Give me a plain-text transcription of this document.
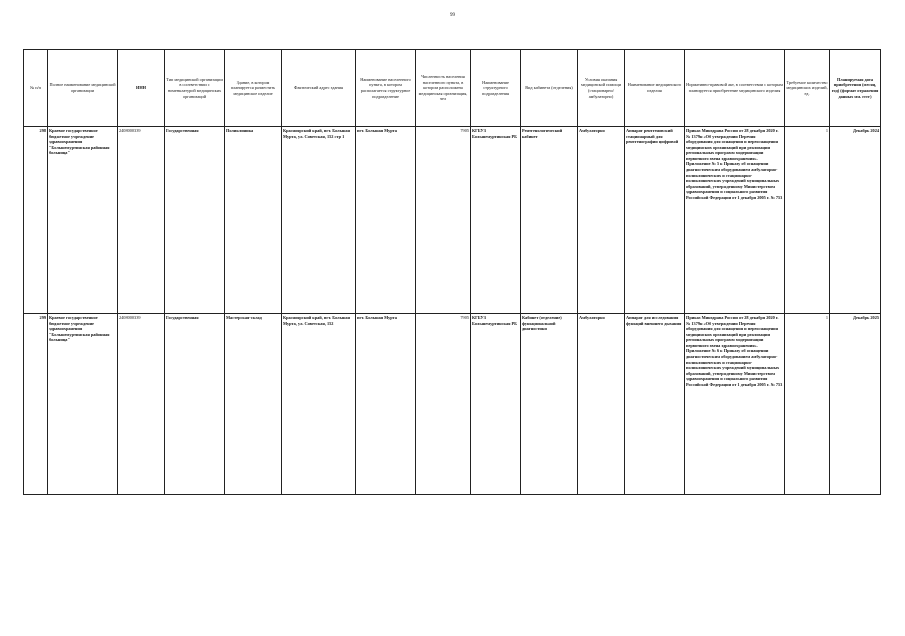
99
№ п/п	Полное наименование медицинской организации	ИНН	Тип медицинской организации в соответствии с номенклатурой медицинских организаций	Здание, в котором планируется разместить медицинское изделие	Фактический адрес здания	Наименование населенного пункта, в котором располагается структурное подразделение	Численность населения населенного пункта, в котором расположена медицинская организация, чел	Наименование структурного подразделения	Вид кабинета (отделения)	Условия оказания медицинской помощи (стационарно/ амбулаторно)	Наименование медицинского изделия	Нормативно-правовой акт, в соответствии с которым планируется приобретение медицинского изделия	Требуемое количество медицинских изделий, ед.	Планируемая дата приобретения (месяц, год) (формат отражения данных мм. гггг)
298	Краевое государственное бюджетное учреждение здравоохранения "Большемуртинская районная больница"	2408000339	Государственная	Поликлиника	Красноярский край, пгт. Большая Мурта, ул. Советская, 152 стр 1	пгт. Большая Мурта	7905	КГБУЗ Большемуртинская РБ	Рентгенологический кабинет	Амбулаторно	Аппарат рентгеновский стационарный для рентгенографии цифровой	Приказ Минздрава России от 28 декабря 2020 г. № 1379н «Об утверждении Перечня оборудования для оснащения и переоснащения медицинских организаций при реализации региональных программ модернизации первичного звена здравоохранения». Приложение № 5 к Приказу об оснащении диагностическим оборудованием амбулаторно-поликлинических и стационарно-поликлинических учреждений муниципальных образований, утвержденному Министерством здравоохранения и социального развития Российской Федерации от 1 декабря 2005 г. № 753	1	Декабрь 2024
299	Краевое государственное бюджетное учреждение здравоохранения "Большемуртинская районная больница"	2408000339	Государственная	Мастерская-склад	Красноярский край, пгт. Большая Мурта, ул. Советская, 152	пгт. Большая Мурта	7905	КГБУЗ Большемуртинская РБ	Кабинет (отделение) функциональной диагностики	Амбулаторно	Аппарат для исследования функций внешнего дыхания	Приказ Минздрава России от 28 декабря 2020 г. № 1379н «Об утверждении Перечня оборудования для оснащения и переоснащения медицинских организаций при реализации региональных программ модернизации первичного звена здравоохранения». Приложение № 6 к Приказу об оснащении диагностическим оборудованием амбулаторно-поликлинических и стационарно-поликлинических учреждений муниципальных образований, утвержденному Министерством здравоохранения и социального развития Российской Федерации от 1 декабря 2005 г. № 753	1	Декабрь 2025
